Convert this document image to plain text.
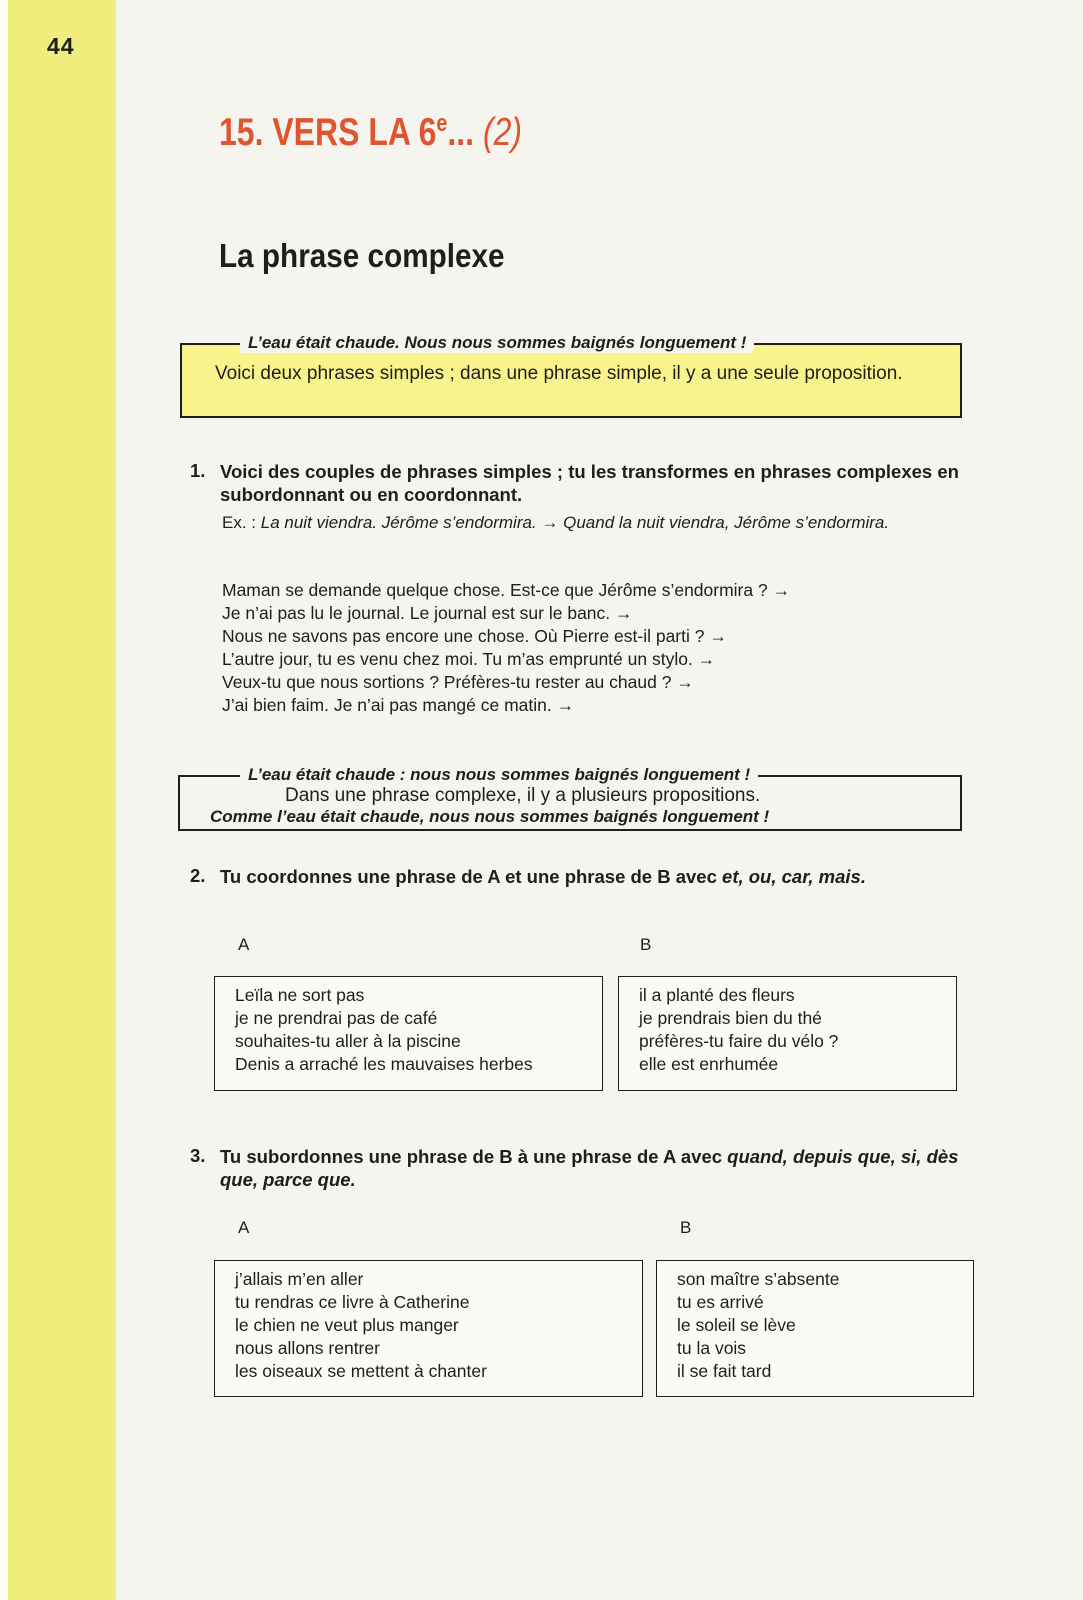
44
15. VERS LA 6e... (2)
La phrase complexe
L’eau était chaude. Nous nous sommes baignés longuement !
Voici deux phrases simples ; dans une phrase simple, il y a une seule proposition.
1. Voici des couples de phrases simples ; tu les transformes en phrases complexes en subordonnant ou en coordonnant.
Ex. : La nuit viendra. Jérôme s’endormira. → Quand la nuit viendra, Jérôme s’endormira.
Maman se demande quelque chose. Est-ce que Jérôme s’endormira ? →
Je n’ai pas lu le journal. Le journal est sur le banc. →
Nous ne savons pas encore une chose. Où Pierre est-il parti ? →
L’autre jour, tu es venu chez moi. Tu m’as emprunté un stylo. →
Veux-tu que nous sortions ? Préfères-tu rester au chaud ? →
J’ai bien faim. Je n’ai pas mangé ce matin. →
L’eau était chaude : nous nous sommes baignés longuement !
Dans une phrase complexe, il y a plusieurs propositions.
Comme l’eau était chaude, nous nous sommes baignés longuement !
2. Tu coordonnes une phrase de A et une phrase de B avec et, ou, car, mais.
A	B
Leïla ne sort pas
je ne prendrai pas de café
souhaites-tu aller à la piscine
Denis a arraché les mauvaises herbes
il a planté des fleurs
je prendrais bien du thé
préfères-tu faire du vélo ?
elle est enrhumée
3. Tu subordonnes une phrase de B à une phrase de A avec quand, depuis que, si, dès que, parce que.
A	B
j’allais m’en aller
tu rendras ce livre à Catherine
le chien ne veut plus manger
nous allons rentrer
les oiseaux se mettent à chanter
son maître s’absente
tu es arrivé
le soleil se lève
tu la vois
il se fait tard
